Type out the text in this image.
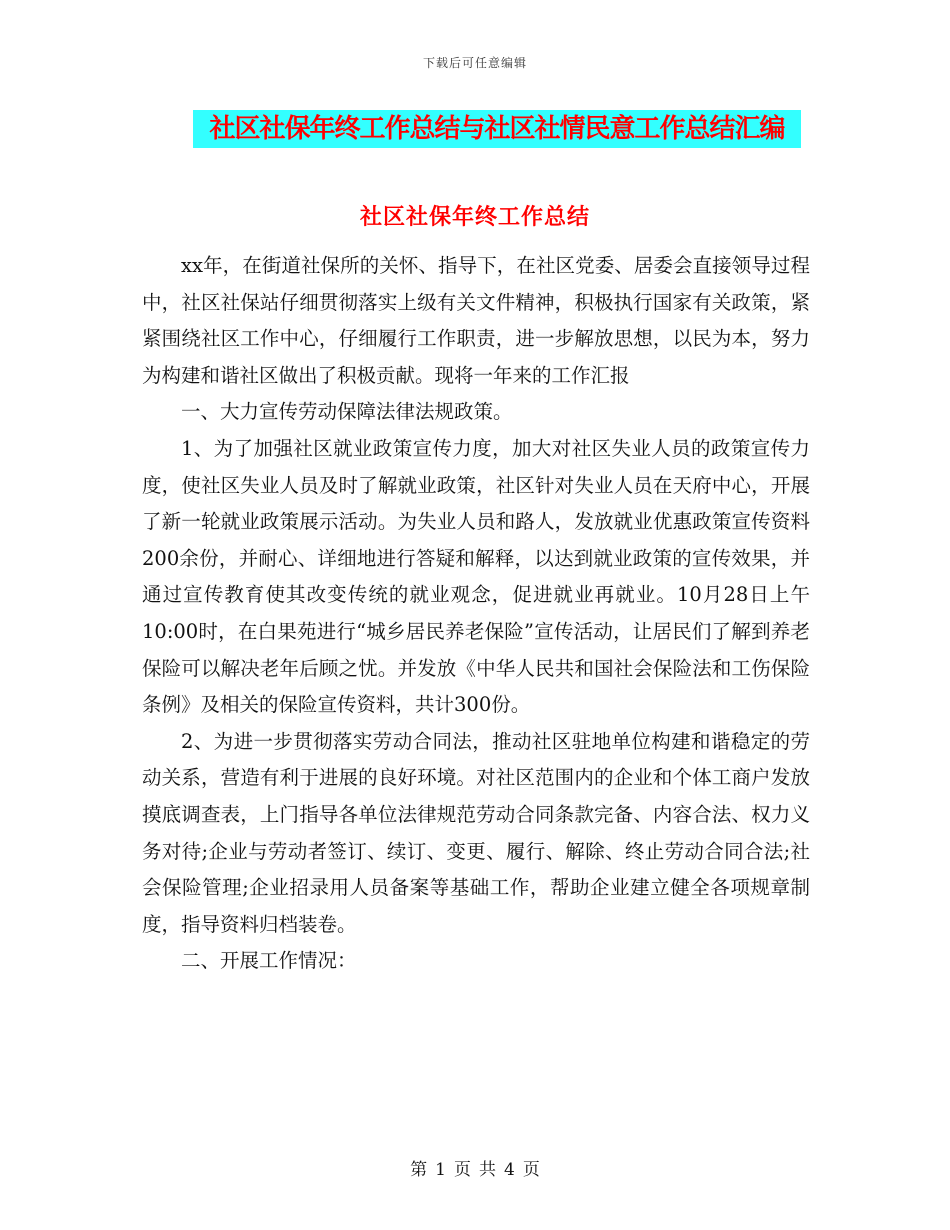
下载后可任意编辑
社区社保年终工作总结与社区社情民意工作总结汇编
社区社保年终工作总结

xx年，在街道社保所的关怀、指导下，在社区党委、居委会直接领导过程中，社区社保站仔细贯彻落实上级有关文件精神，积极执行国家有关政策，紧紧围绕社区工作中心，仔细履行工作职责，进一步解放思想，以民为本，努力为构建和谐社区做出了积极贡献。现将一年来的工作汇报

一、大力宣传劳动保障法律法规政策。

1、为了加强社区就业政策宣传力度，加大对社区失业人员的政策宣传力度，使社区失业人员及时了解就业政策，社区针对失业人员在天府中心，开展了新一轮就业政策展示活动。为失业人员和路人，发放就业优惠政策宣传资料200余份，并耐心、详细地进行答疑和解释，以达到就业政策的宣传效果，并通过宣传教育使其改变传统的就业观念，促进就业再就业。10月28日上午10:00时，在白果苑进行“城乡居民养老保险”宣传活动，让居民们了解到养老保险可以解决老年后顾之忧。并发放《中华人民共和国社会保险法和工伤保险条例》及相关的保险宣传资料，共计300份。

2、为进一步贯彻落实劳动合同法，推动社区驻地单位构建和谐稳定的劳动关系，营造有利于进展的良好环境。对社区范围内的企业和个体工商户发放摸底调查表，上门指导各单位法律规范劳动合同条款完备、内容合法、权力义务对待;企业与劳动者签订、续订、变更、履行、解除、终止劳动合同合法;社会保险管理;企业招录用人员备案等基础工作，帮助企业建立健全各项规章制度，指导资料归档装卷。

二、开展工作情况：

第 1 页 共 4 页
